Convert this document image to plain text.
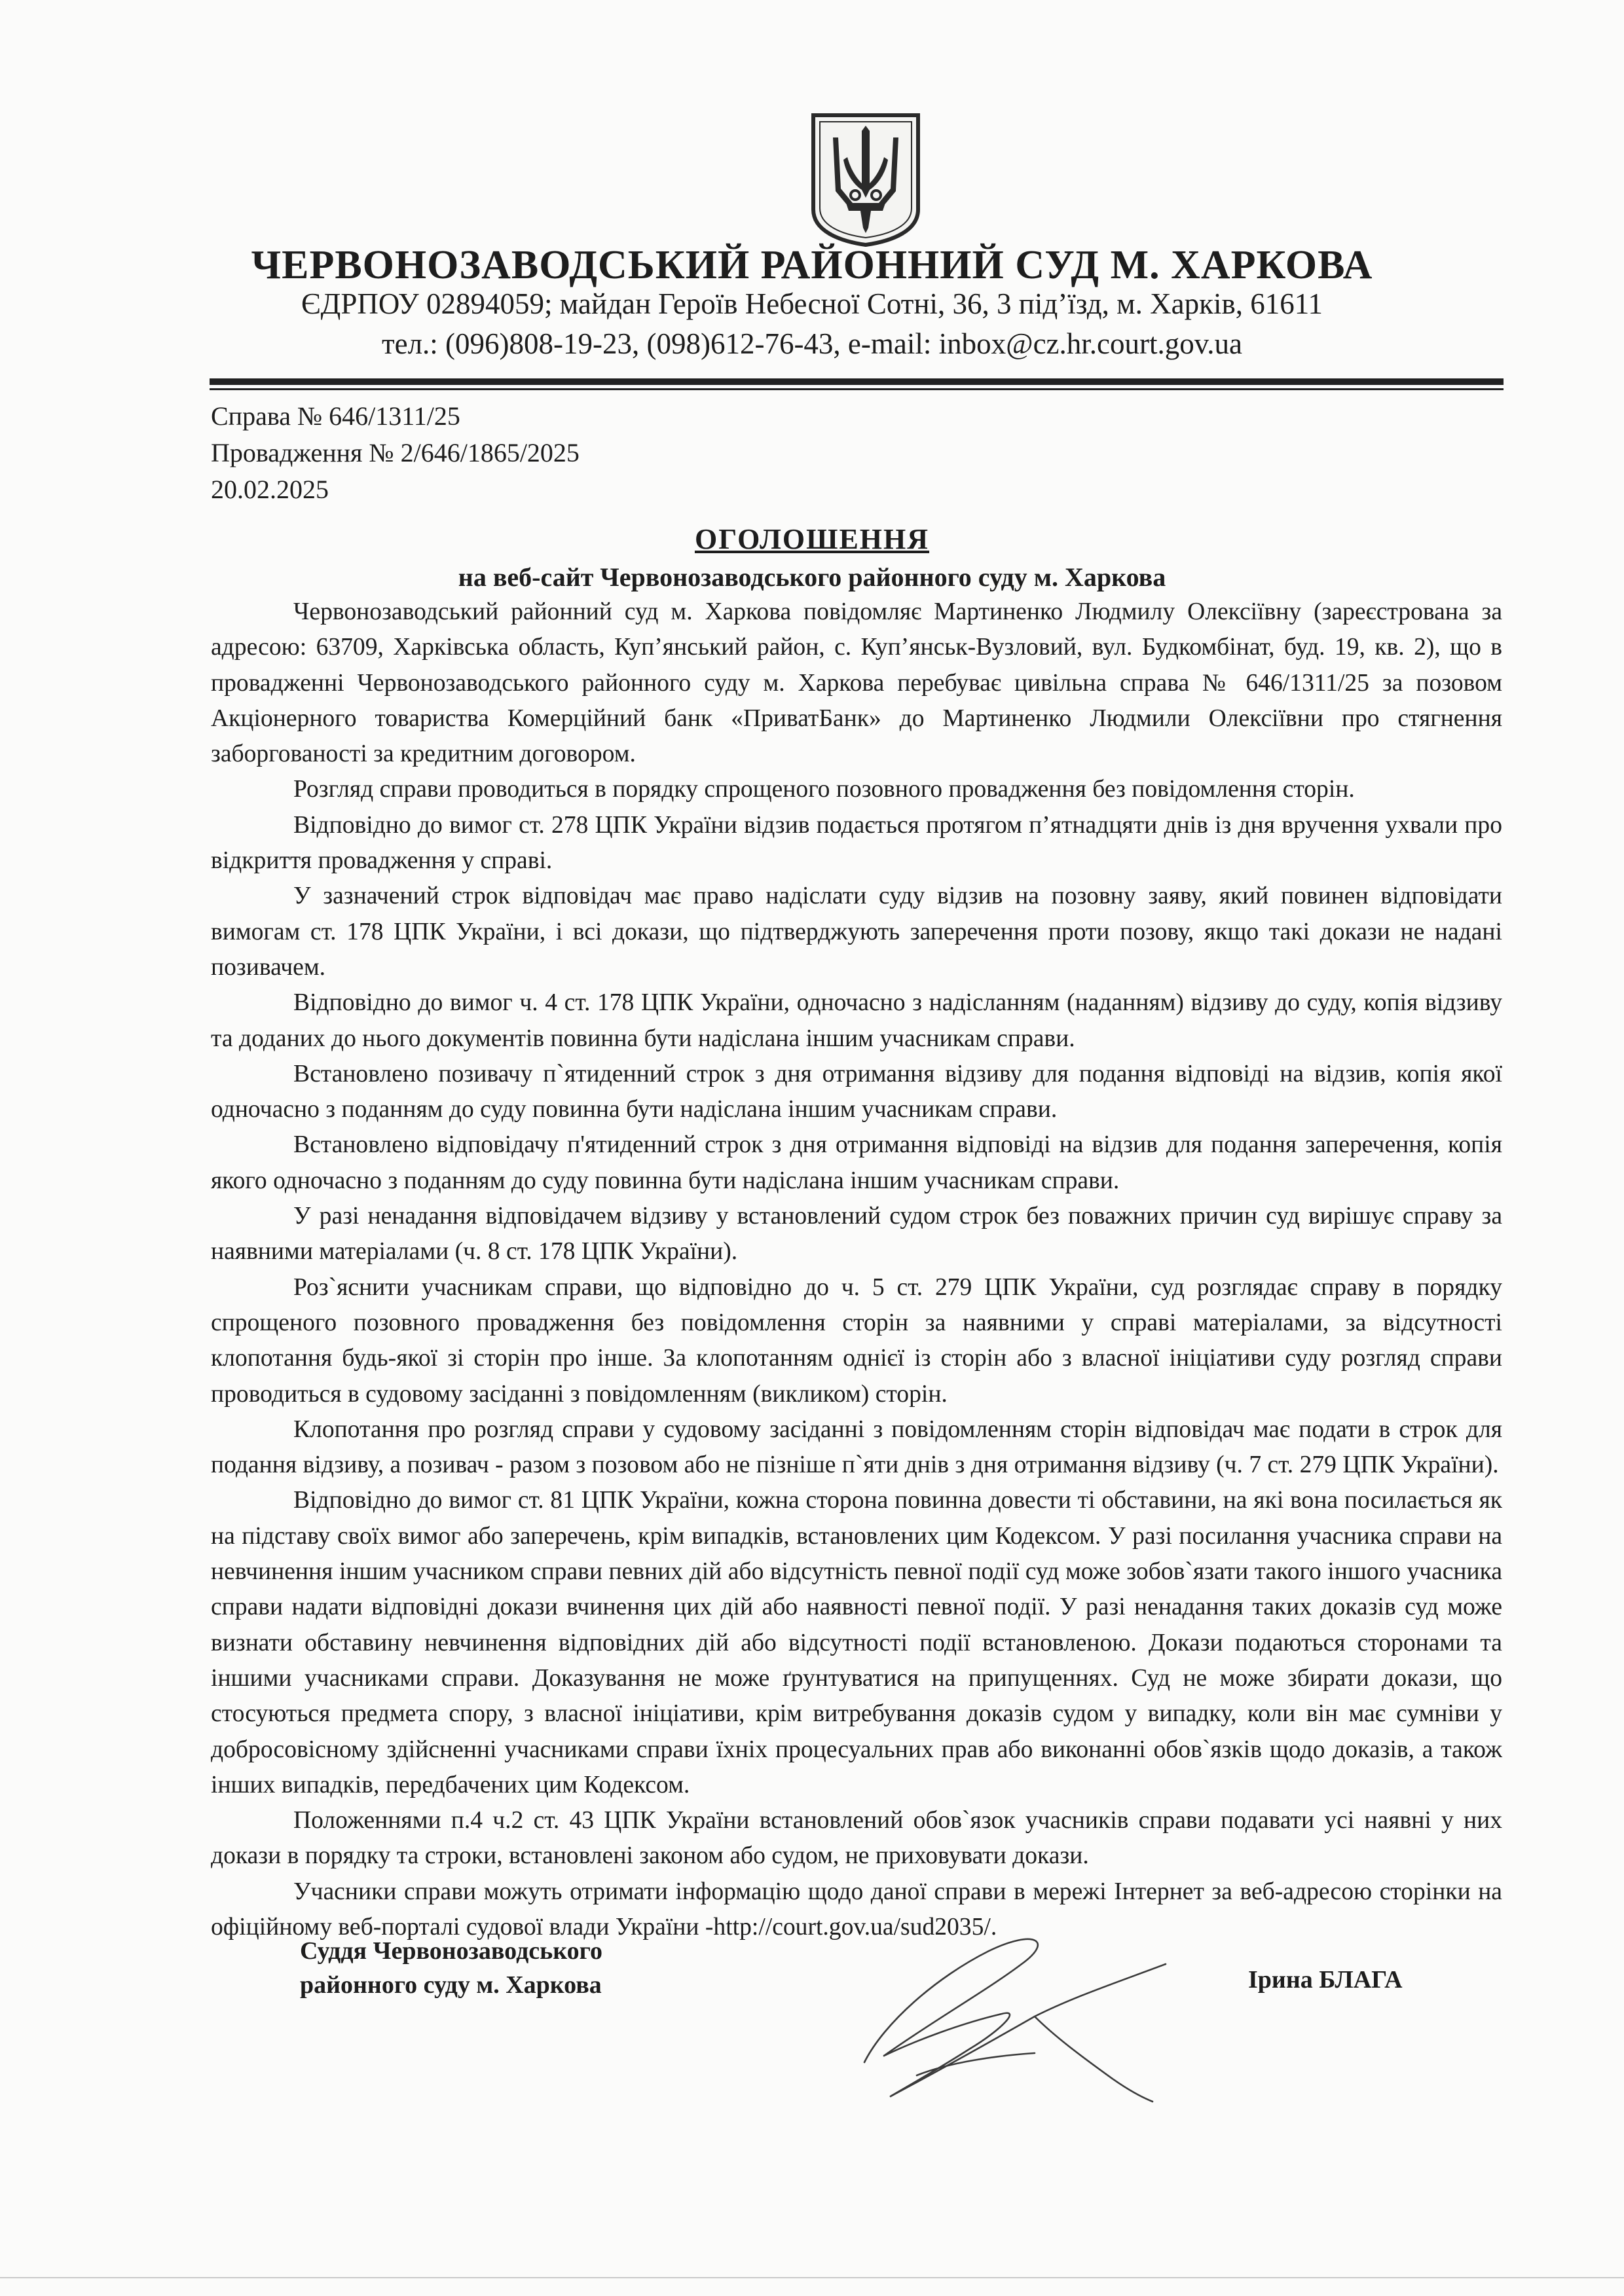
ЧЕРВОНОЗАВОДСЬКИЙ РАЙОННИЙ СУД М. ХАРКОВА
ЄДРПОУ 02894059; майдан Героїв Небесної Сотні, 36, 3 під’їзд, м. Харків, 61611
тел.: (096)808-19-23, (098)612-76-43, e-mail: inbox@cz.hr.court.gov.ua
Справа № 646/1311/25
Провадження № 2/646/1865/2025
20.02.2025
ОГОЛОШЕННЯ
на веб-сайт Червонозаводського районного суду м. Харкова

Червонозаводський районний суд м. Харкова повідомляє Мартиненко Людмилу Олексіївну (зареєстрована за адресою: 63709, Харківська область, Куп’янський район, с. Куп’янськ-Вузловий, вул. Будкомбінат, буд. 19, кв. 2), що в провадженні Червонозаводського районного суду м. Харкова перебуває цивільна справа № 646/1311/25 за позовом Акціонерного товариства Комерційний банк «ПриватБанк» до Мартиненко Людмили Олексіївни про стягнення заборгованості за кредитним договором.

Розгляд справи проводиться в порядку спрощеного позовного провадження без повідомлення сторін.

Відповідно до вимог ст. 278 ЦПК України відзив подається протягом п’ятнадцяти днів із дня вручення ухвали про відкриття провадження у справі.

У зазначений строк відповідач має право надіслати суду відзив на позовну заяву, який повинен відповідати вимогам ст. 178 ЦПК України, і всі докази, що підтверджують заперечення проти позову, якщо такі докази не надані позивачем.

Відповідно до вимог ч. 4 ст. 178 ЦПК України, одночасно з надісланням (наданням) відзиву до суду, копія відзиву та доданих до нього документів повинна бути надіслана іншим учасникам справи.

Встановлено позивачу п`ятиденний строк з дня отримання відзиву для подання відповіді на відзив, копія якої одночасно з поданням до суду повинна бути надіслана іншим учасникам справи.

Встановлено відповідачу п'ятиденний строк з дня отримання відповіді на відзив для подання заперечення, копія якого одночасно з поданням до суду повинна бути надіслана іншим учасникам справи.

У разі ненадання відповідачем відзиву у встановлений судом строк без поважних причин суд вирішує справу за наявними матеріалами (ч. 8 ст. 178 ЦПК України).

Роз`яснити учасникам справи, що відповідно до ч. 5 ст. 279 ЦПК України, суд розглядає справу в порядку спрощеного позовного провадження без повідомлення сторін за наявними у справі матеріалами, за відсутності клопотання будь-якої зі сторін про інше. За клопотанням однієї із сторін або з власної ініціативи суду розгляд справи проводиться в судовому засіданні з повідомленням (викликом) сторін.

Клопотання про розгляд справи у судовому засіданні з повідомленням сторін відповідач має подати в строк для подання відзиву, а позивач - разом з позовом або не пізніше п`яти днів з дня отримання відзиву (ч. 7 ст. 279 ЦПК України).

Відповідно до вимог ст. 81 ЦПК України, кожна сторона повинна довести ті обставини, на які вона посилається як на підставу своїх вимог або заперечень, крім випадків, встановлених цим Кодексом. У разі посилання учасника справи на невчинення іншим учасником справи певних дій або відсутність певної події суд може зобов`язати такого іншого учасника справи надати відповідні докази вчинення цих дій або наявності певної події. У разі ненадання таких доказів суд може визнати обставину невчинення відповідних дій або відсутності події встановленою. Докази подаються сторонами та іншими учасниками справи. Доказування не може ґрунтуватися на припущеннях. Суд не може збирати докази, що стосуються предмета спору, з власної ініціативи, крім витребування доказів судом у випадку, коли він має сумніви у добросовісному здійсненні учасниками справи їхніх процесуальних прав або виконанні обов`язків щодо доказів, а також інших випадків, передбачених цим Кодексом.

Положеннями п.4 ч.2 ст. 43 ЦПК України встановлений обов`язок учасників справи подавати усі наявні у них докази в порядку та строки, встановлені законом або судом, не приховувати докази.

Учасники справи можуть отримати інформацію щодо даної справи в мережі Інтернет за веб-адресою сторінки на офіційному веб-порталі судової влади України -http://court.gov.ua/sud2035/.

Суддя Червонозаводського
районного суду м. Харкова	Ірина БЛАГА
